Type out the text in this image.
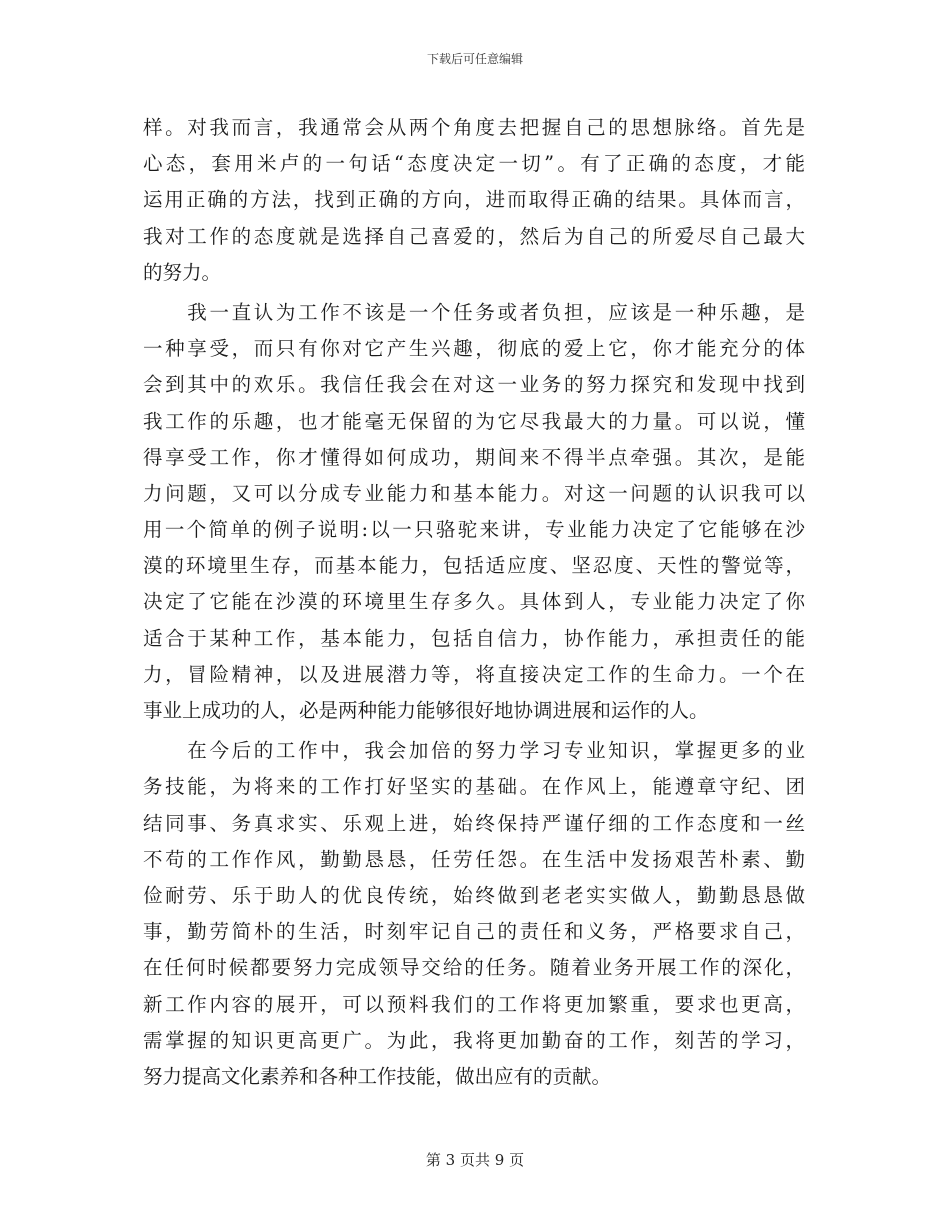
下载后可任意编辑
样。对我而言，我通常会从两个角度去把握自己的思想脉络。首先是
心态，套用米卢的一句话“态度决定一切”。有了正确的态度，才能
运用正确的方法，找到正确的方向，进而取得正确的结果。具体而言，
我对工作的态度就是选择自己喜爱的，然后为自己的所爱尽自己最大
的努力。
　　我一直认为工作不该是一个任务或者负担，应该是一种乐趣，是
一种享受，而只有你对它产生兴趣，彻底的爱上它，你才能充分的体
会到其中的欢乐。我信任我会在对这一业务的努力探究和发现中找到
我工作的乐趣，也才能毫无保留的为它尽我最大的力量。可以说，懂
得享受工作，你才懂得如何成功，期间来不得半点牵强。其次，是能
力问题，又可以分成专业能力和基本能力。对这一问题的认识我可以
用一个简单的例子说明:以一只骆驼来讲，专业能力决定了它能够在沙
漠的环境里生存，而基本能力，包括适应度、坚忍度、天性的警觉等，
决定了它能在沙漠的环境里生存多久。具体到人，专业能力决定了你
适合于某种工作，基本能力，包括自信力，协作能力，承担责任的能
力，冒险精神，以及进展潜力等，将直接决定工作的生命力。一个在
事业上成功的人，必是两种能力能够很好地协调进展和运作的人。
　　在今后的工作中，我会加倍的努力学习专业知识，掌握更多的业
务技能，为将来的工作打好坚实的基础。在作风上，能遵章守纪、团
结同事、务真求实、乐观上进，始终保持严谨仔细的工作态度和一丝
不苟的工作作风，勤勤恳恳，任劳任怨。在生活中发扬艰苦朴素、勤
俭耐劳、乐于助人的优良传统，始终做到老老实实做人，勤勤恳恳做
事，勤劳简朴的生活，时刻牢记自己的责任和义务，严格要求自己，
在任何时候都要努力完成领导交给的任务。随着业务开展工作的深化，
新工作内容的展开，可以预料我们的工作将更加繁重，要求也更高，
需掌握的知识更高更广。为此，我将更加勤奋的工作，刻苦的学习，
努力提高文化素养和各种工作技能，做出应有的贡献。
第 3 页共 9 页
